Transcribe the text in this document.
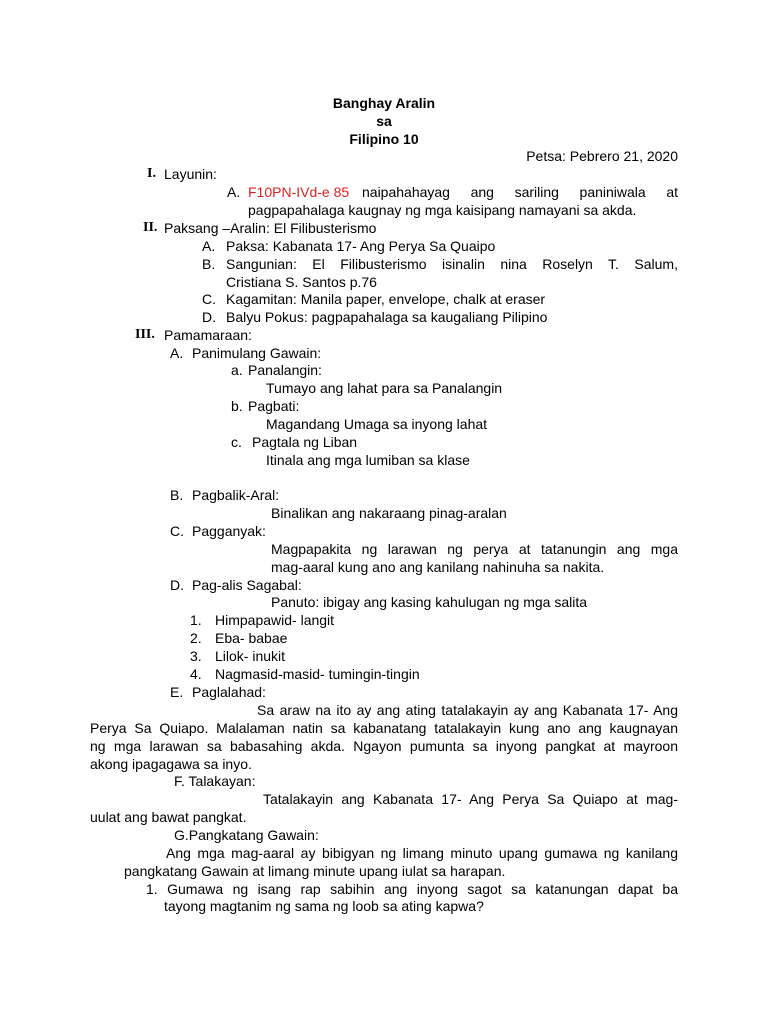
Banghay Aralin
sa
Filipino 10
Petsa: Pebrero 21, 2020
I. Layunin:
A. F10PN-IVd-e 85 naipahahayag ang sariling paniniwala at
pagpapahalaga kaugnay ng mga kaisipang namayani sa akda.
II. Paksang –Aralin: El Filibusterismo
A. Paksa: Kabanata 17- Ang Perya Sa Quaipo
B. Sangunian: El Filibusterismo isinalin nina Roselyn T. Salum,
Cristiana S. Santos p.76
C. Kagamitan: Manila paper, envelope, chalk at eraser
D. Balyu Pokus: pagpapahalaga sa kaugaliang Pilipino
III. Pamamaraan:
A. Panimulang Gawain:
a. Panalangin:
Tumayo ang lahat para sa Panalangin
b. Pagbati:
Magandang Umaga sa inyong lahat
c. Pagtala ng Liban
Itinala ang mga lumiban sa klase
B. Pagbalik-Aral:
Binalikan ang nakaraang pinag-aralan
C. Pagganyak:
Magpapakita ng larawan ng perya at tatanungin ang mga
mag-aaral kung ano ang kanilang nahinuha sa nakita.
D. Pag-alis Sagabal:
Panuto: ibigay ang kasing kahulugan ng mga salita
1. Himpapawid- langit
2. Eba- babae
3. Lilok- inukit
4. Nagmasid-masid- tumingin-tingin
E. Paglalahad:
Sa araw na ito ay ang ating tatalakayin ay ang Kabanata 17- Ang
Perya Sa Quiapo. Malalaman natin sa kabanatang tatalakayin kung ano ang kaugnayan
ng mga larawan sa babasahing akda. Ngayon pumunta sa inyong pangkat at mayroon
akong ipagagawa sa inyo.
F. Talakayan:
Tatalakayin ang Kabanata 17- Ang Perya Sa Quiapo at mag-
uulat ang bawat pangkat.
G.Pangkatang Gawain:
Ang mga mag-aaral ay bibigyan ng limang minuto upang gumawa ng kanilang
pangkatang Gawain at limang minute upang iulat sa harapan.
1. Gumawa ng isang rap sabihin ang inyong sagot sa katanungan dapat ba
tayong magtanim ng sama ng loob sa ating kapwa?
